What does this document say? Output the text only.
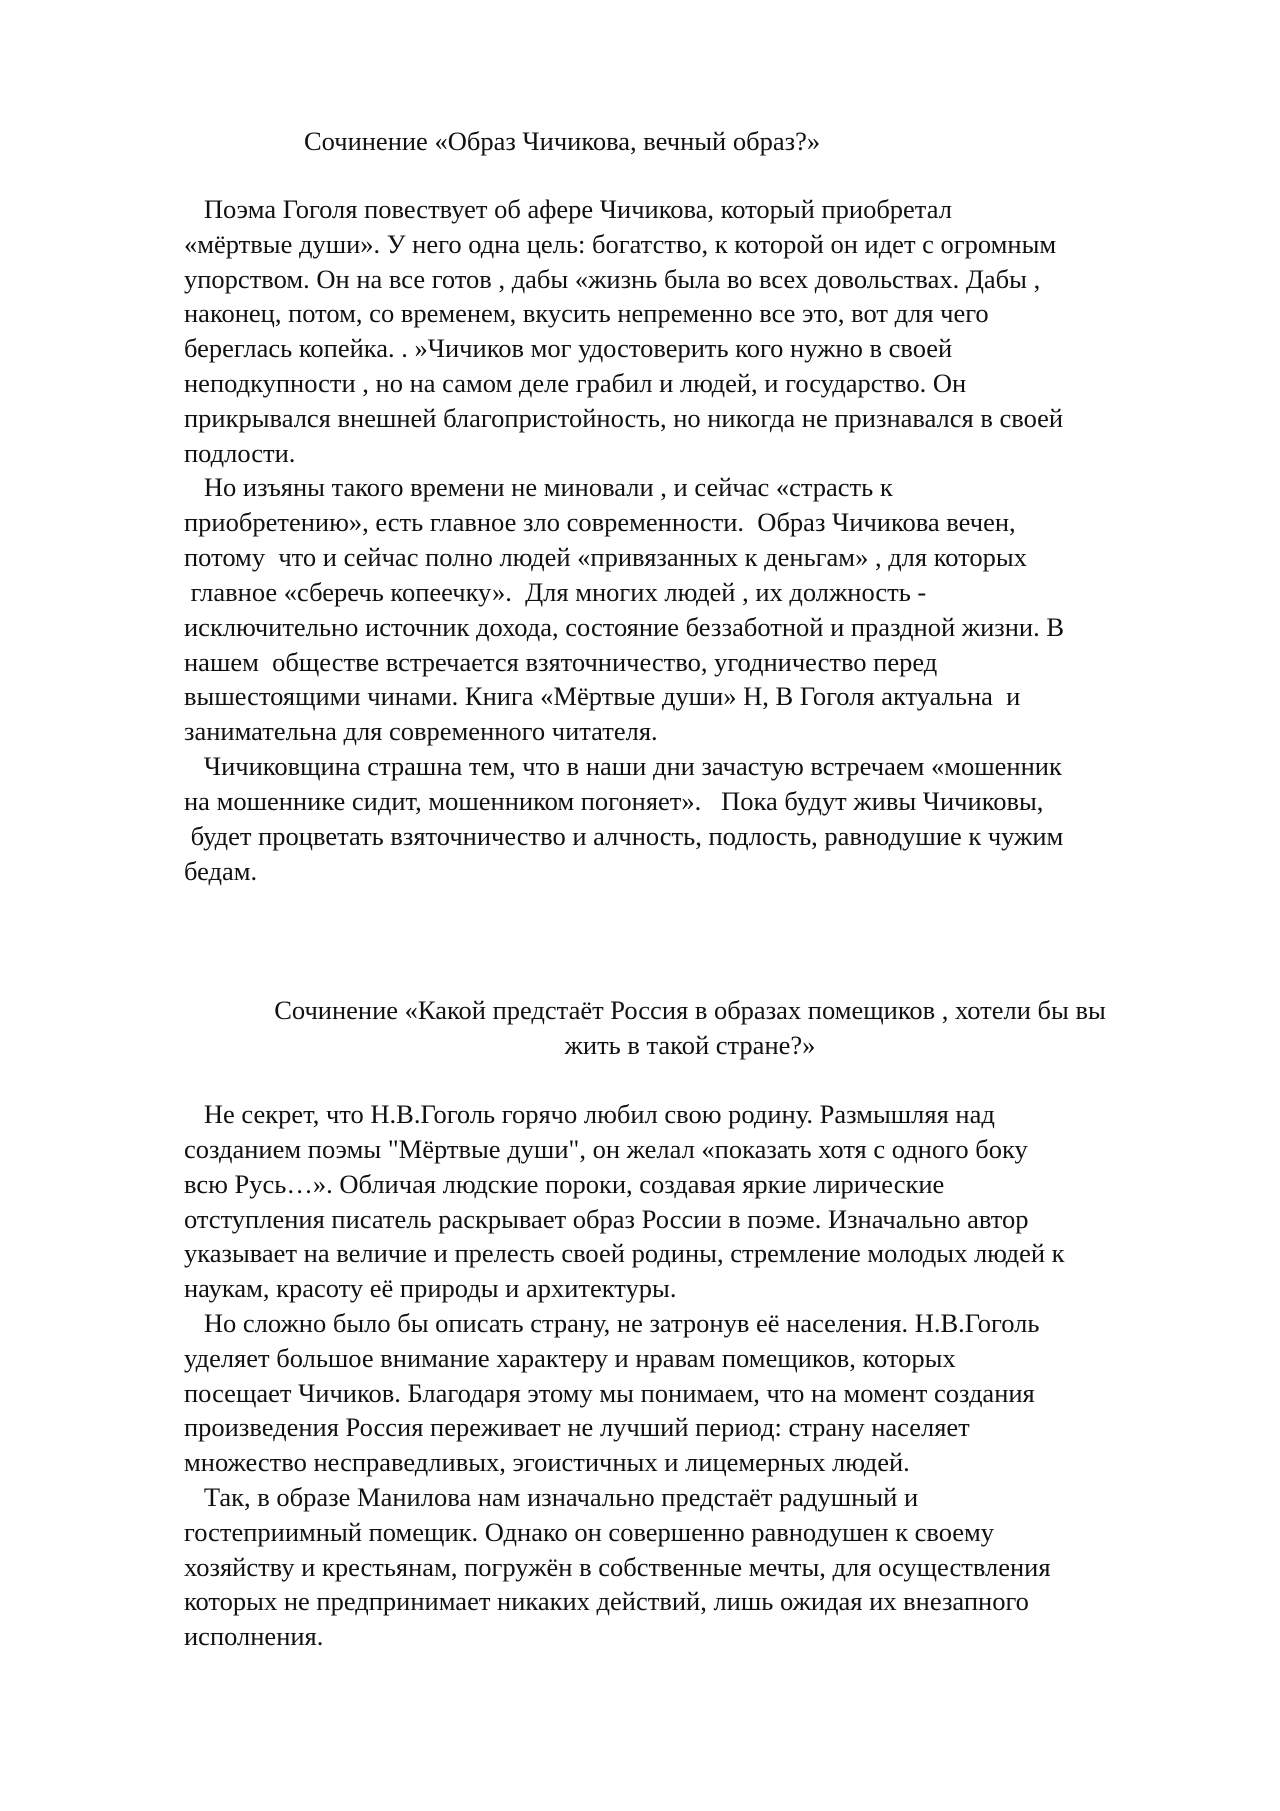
Сочинение «Образ Чичикова, вечный образ?»
Поэма Гоголя повествует об афере Чичикова, который приобретал
«мёртвые души». У него одна цель: богатство, к которой он идет с огромным
упорством. Он на все готов , дабы «жизнь была во всех довольствах. Дабы ,
наконец, потом, со временем, вкусить непременно все это, вот для чего
береглась копейка. . »Чичиков мог удостоверить кого нужно в своей
неподкупности , но на самом деле грабил и людей, и государство. Он
прикрывался внешней благопристойность, но никогда не признавался в своей
подлости.
Но изъяны такого времени не миновали , и сейчас «страсть к
приобретению», есть главное зло современности.  Образ Чичикова вечен,
потому  что и сейчас полно людей «привязанных к деньгам» , для которых
главное «сберечь копеечку».  Для многих людей , их должность -
исключительно источник дохода, состояние беззаботной и праздной жизни. В
нашем  обществе встречается взяточничество, угодничество перед
вышестоящими чинами. Книга «Мёртвые души» Н, В Гоголя актуальна  и
занимательна для современного читателя.
Чичиковщина страшна тем, что в наши дни зачастую встречаем «мошенник
на мошеннике сидит, мошенником погоняет».   Пока будут живы Чичиковы,
будет процветать взяточничество и алчность, подлость, равнодушие к чужим
бедам.
Сочинение «Какой предстаёт Россия в образах помещиков , хотели бы вы
жить в такой стране?»
Не секрет, что Н.В.Гоголь горячо любил свою родину. Размышляя над
созданием поэмы "Мёртвые души", он желал «показать хотя с одного боку
всю Русь…». Обличая людские пороки, создавая яркие лирические
отступления писатель раскрывает образ России в поэме. Изначально автор
указывает на величие и прелесть своей родины, стремление молодых людей к
наукам, красоту её природы и архитектуры.
Но сложно было бы описать страну, не затронув её населения. Н.В.Гоголь
уделяет большое внимание характеру и нравам помещиков, которых
посещает Чичиков. Благодаря этому мы понимаем, что на момент создания
произведения Россия переживает не лучший период: страну населяет
множество несправедливых, эгоистичных и лицемерных людей.
Так, в образе Манилова нам изначально предстаёт радушный и
гостеприимный помещик. Однако он совершенно равнодушен к своему
хозяйству и крестьянам, погружён в собственные мечты, для осуществления
которых не предпринимает никаких действий, лишь ожидая их внезапного
исполнения.
